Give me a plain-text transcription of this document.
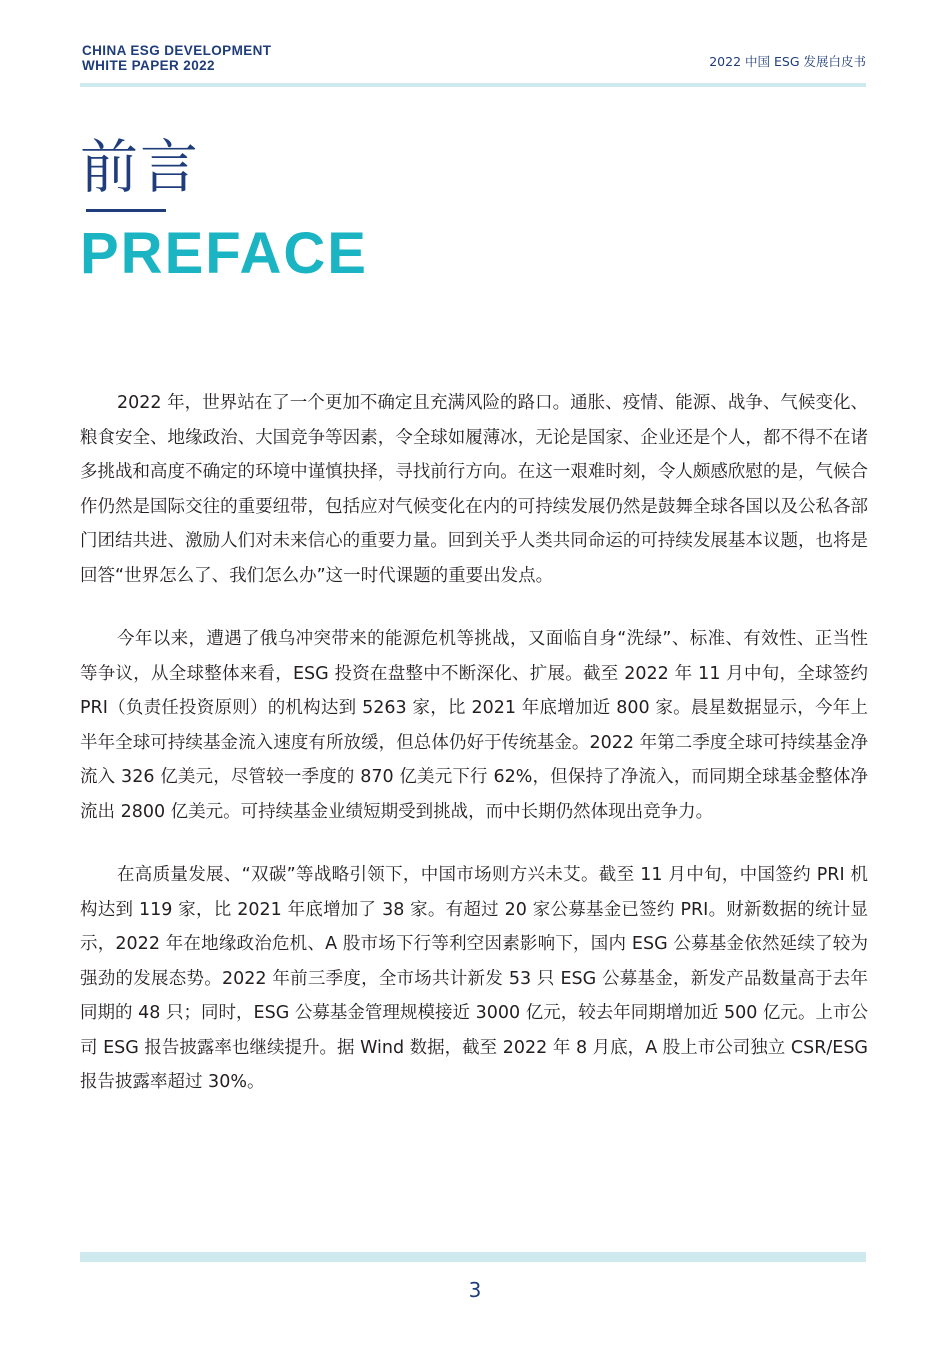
CHINA ESG DEVELOPMENT
WHITE PAPER 2022	2022 中国 ESG 发展白皮书
前言
PREFACE

2022 年，世界站在了一个更加不确定且充满风险的路口。通胀、疫情、能源、战争、气候变化、粮食安全、地缘政治、大国竞争等因素，令全球如履薄冰，无论是国家、企业还是个人，都不得不在诸多挑战和高度不确定的环境中谨慎抉择，寻找前行方向。在这一艰难时刻，令人颇感欣慰的是，气候合作仍然是国际交往的重要纽带，包括应对气候变化在内的可持续发展仍然是鼓舞全球各国以及公私各部门团结共进、激励人们对未来信心的重要力量。回到关乎人类共同命运的可持续发展基本议题，也将是回答“世界怎么了、我们怎么办”这一时代课题的重要出发点。

今年以来，遭遇了俄乌冲突带来的能源危机等挑战，又面临自身“洗绿”、标准、有效性、正当性等争议，从全球整体来看，ESG 投资在盘整中不断深化、扩展。截至 2022 年 11 月中旬，全球签约 PRI（负责任投资原则）的机构达到 5263 家，比 2021 年底增加近 800 家。晨星数据显示，今年上半年全球可持续基金流入速度有所放缓，但总体仍好于传统基金。2022 年第二季度全球可持续基金净流入 326 亿美元，尽管较一季度的 870 亿美元下行 62%，但保持了净流入，而同期全球基金整体净流出 2800 亿美元。可持续基金业绩短期受到挑战，而中长期仍然体现出竞争力。

在高质量发展、“双碳”等战略引领下，中国市场则方兴未艾。截至 11 月中旬，中国签约 PRI 机构达到 119 家，比 2021 年底增加了 38 家。有超过 20 家公募基金已签约 PRI。财新数据的统计显示，2022 年在地缘政治危机、A 股市场下行等利空因素影响下，国内 ESG 公募基金依然延续了较为强劲的发展态势。2022 年前三季度，全市场共计新发 53 只 ESG 公募基金，新发产品数量高于去年同期的 48 只；同时，ESG 公募基金管理规模接近 3000 亿元，较去年同期增加近 500 亿元。上市公司 ESG 报告披露率也继续提升。据 Wind 数据，截至 2022 年 8 月底，A 股上市公司独立 CSR/ESG 报告披露率超过 30%。

3
